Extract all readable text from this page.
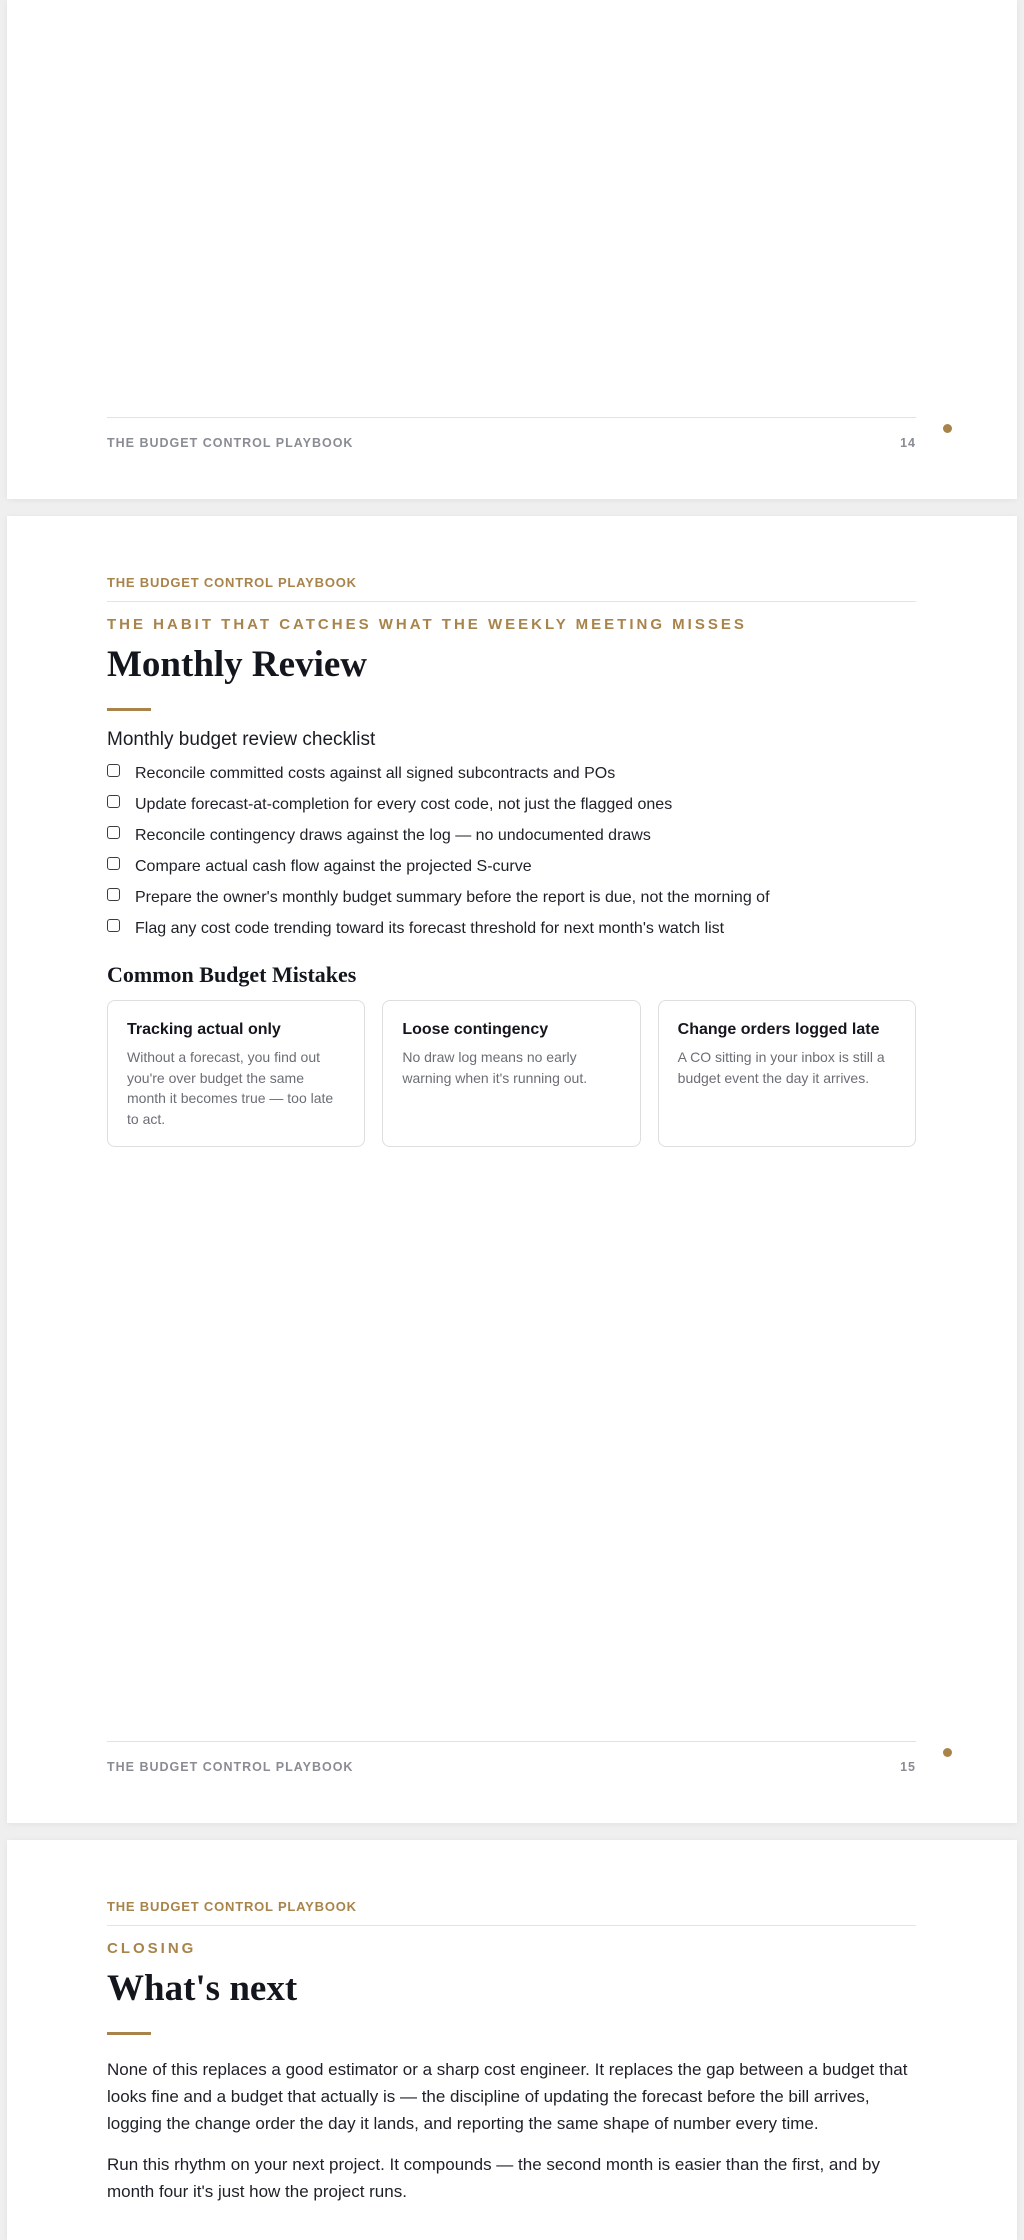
THE BUDGET CONTROL PLAYBOOK	14
THE BUDGET CONTROL PLAYBOOK
THE HABIT THAT CATCHES WHAT THE WEEKLY MEETING MISSES
Monthly Review
Monthly budget review checklist
Reconcile committed costs against all signed subcontracts and POs
Update forecast-at-completion for every cost code, not just the flagged ones
Reconcile contingency draws against the log — no undocumented draws
Compare actual cash flow against the projected S-curve
Prepare the owner's monthly budget summary before the report is due, not the morning of
Flag any cost code trending toward its forecast threshold for next month's watch list
Common Budget Mistakes
Tracking actual only
Without a forecast, you find out you're over budget the same month it becomes true — too late to act.
Loose contingency
No draw log means no early warning when it's running out.
Change orders logged late
A CO sitting in your inbox is still a budget event the day it arrives.
THE BUDGET CONTROL PLAYBOOK	15
THE BUDGET CONTROL PLAYBOOK
CLOSING
What's next

None of this replaces a good estimator or a sharp cost engineer. It replaces the gap between a budget that looks fine and a budget that actually is — the discipline of updating the forecast before the bill arrives, logging the change order the day it lands, and reporting the same shape of number every time.

Run this rhythm on your next project. It compounds — the second month is easier than the first, and by month four it's just how the project runs.
